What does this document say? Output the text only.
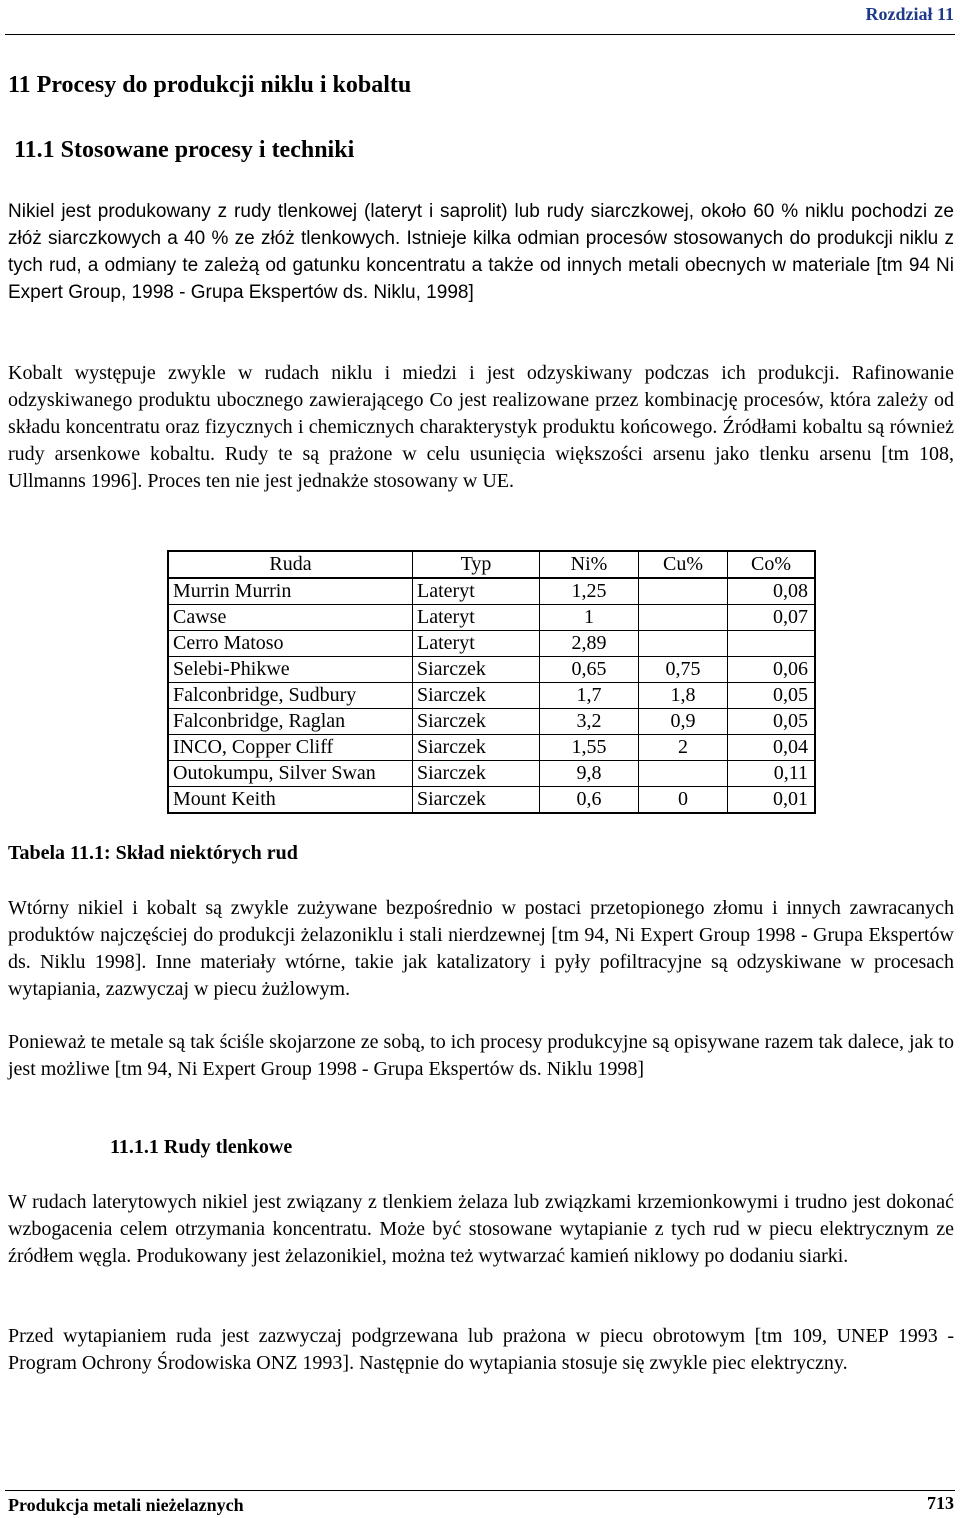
Rozdział 11
11 Procesy do produkcji niklu i kobaltu
11.1 Stosowane procesy i techniki
Nikiel jest produkowany z rudy tlenkowej (lateryt i saprolit) lub rudy siarczkowej, około 60 % niklu pochodzi ze złóż siarczkowych a 40 % ze złóż tlenkowych. Istnieje kilka odmian procesów stosowanych do produkcji niklu z tych rud, a odmiany te zależą od gatunku koncentratu a także od innych metali obecnych w materiale [tm 94 Ni Expert Group, 1998 - Grupa Ekspertów ds. Niklu, 1998]
Kobalt występuje zwykle w rudach niklu i miedzi i jest odzyskiwany podczas ich produkcji. Rafinowanie odzyskiwanego produktu ubocznego zawierającego Co jest realizowane przez kombinację procesów, która zależy od składu koncentratu oraz fizycznych i chemicznych charakterystyk produktu końcowego. Źródłami kobaltu są również rudy arsenkowe kobaltu. Rudy te są prażone w celu usunięcia większości arsenu jako tlenku arsenu [tm 108, Ullmanns 1996]. Proces ten nie jest jednakże stosowany w UE.
Ruda	Typ	Ni%	Cu%	Co%
Murrin Murrin	Lateryt	1,25		0,08
Cawse	Lateryt	1		0,07
Cerro Matoso	Lateryt	2,89		
Selebi-Phikwe	Siarczek	0,65	0,75	0,06
Falconbridge, Sudbury	Siarczek	1,7	1,8	0,05
Falconbridge, Raglan	Siarczek	3,2	0,9	0,05
INCO, Copper Cliff	Siarczek	1,55	2	0,04
Outokumpu, Silver Swan	Siarczek	9,8		0,11
Mount Keith	Siarczek	0,6	0	0,01
Tabela 11.1: Skład niektórych rud
Wtórny nikiel i kobalt są zwykle zużywane bezpośrednio w postaci przetopionego złomu i innych zawracanych produktów najczęściej do produkcji żelazoniklu i stali nierdzewnej [tm 94, Ni Expert Group 1998 - Grupa Ekspertów ds. Niklu 1998]. Inne materiały wtórne, takie jak katalizatory i pyły pofiltracyjne są odzyskiwane w procesach wytapiania, zazwyczaj w piecu żużlowym.
Ponieważ te metale są tak ściśle skojarzone ze sobą, to ich procesy produkcyjne są opisywane razem tak dalece, jak to jest możliwe [tm 94, Ni Expert Group 1998 - Grupa Ekspertów ds. Niklu 1998]
11.1.1 Rudy tlenkowe
W rudach laterytowych nikiel jest związany z tlenkiem żelaza lub związkami krzemionkowymi i trudno jest dokonać wzbogacenia celem otrzymania koncentratu. Może być stosowane wytapianie z tych rud w piecu elektrycznym ze źródłem węgla. Produkowany jest żelazonikiel, można też wytwarzać kamień niklowy po dodaniu siarki.
Przed wytapianiem ruda jest zazwyczaj podgrzewana lub prażona w piecu obrotowym [tm 109, UNEP 1993 - Program Ochrony Środowiska ONZ 1993]. Następnie do wytapiania stosuje się zwykle piec elektryczny.
Produkcja metali nieżelaznych	713
